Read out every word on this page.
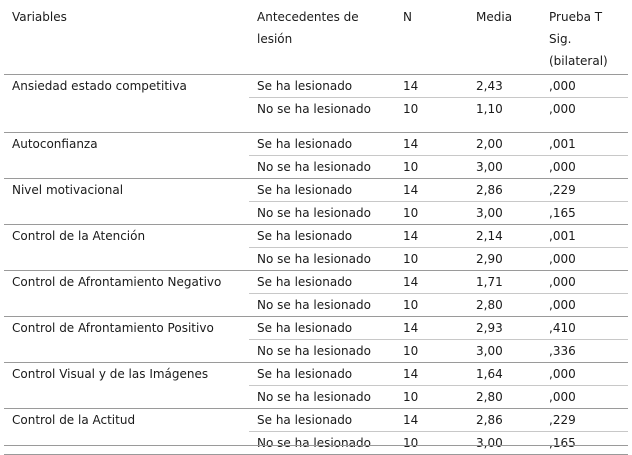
Variables	Antecedentes de lesión	N	Media	Prueba T Sig. (bilateral)
Ansiedad estado competitiva	Se ha lesionado	14	2,43	,000
	No se ha lesionado	10	1,10	,000
Autoconfianza	Se ha lesionado	14	2,00	,001
	No se ha lesionado	10	3,00	,000
Nivel motivacional	Se ha lesionado	14	2,86	,229
	No se ha lesionado	10	3,00	,165
Control de la Atención	Se ha lesionado	14	2,14	,001
	No se ha lesionado	10	2,90	,000
Control de Afrontamiento Negativo	Se ha lesionado	14	1,71	,000
	No se ha lesionado	10	2,80	,000
Control de Afrontamiento Positivo	Se ha lesionado	14	2,93	,410
	No se ha lesionado	10	3,00	,336
Control Visual y de las Imágenes	Se ha lesionado	14	1,64	,000
	No se ha lesionado	10	2,80	,000
Control de la Actitud	Se ha lesionado	14	2,86	,229
	No se ha lesionado	10	3,00	,165
